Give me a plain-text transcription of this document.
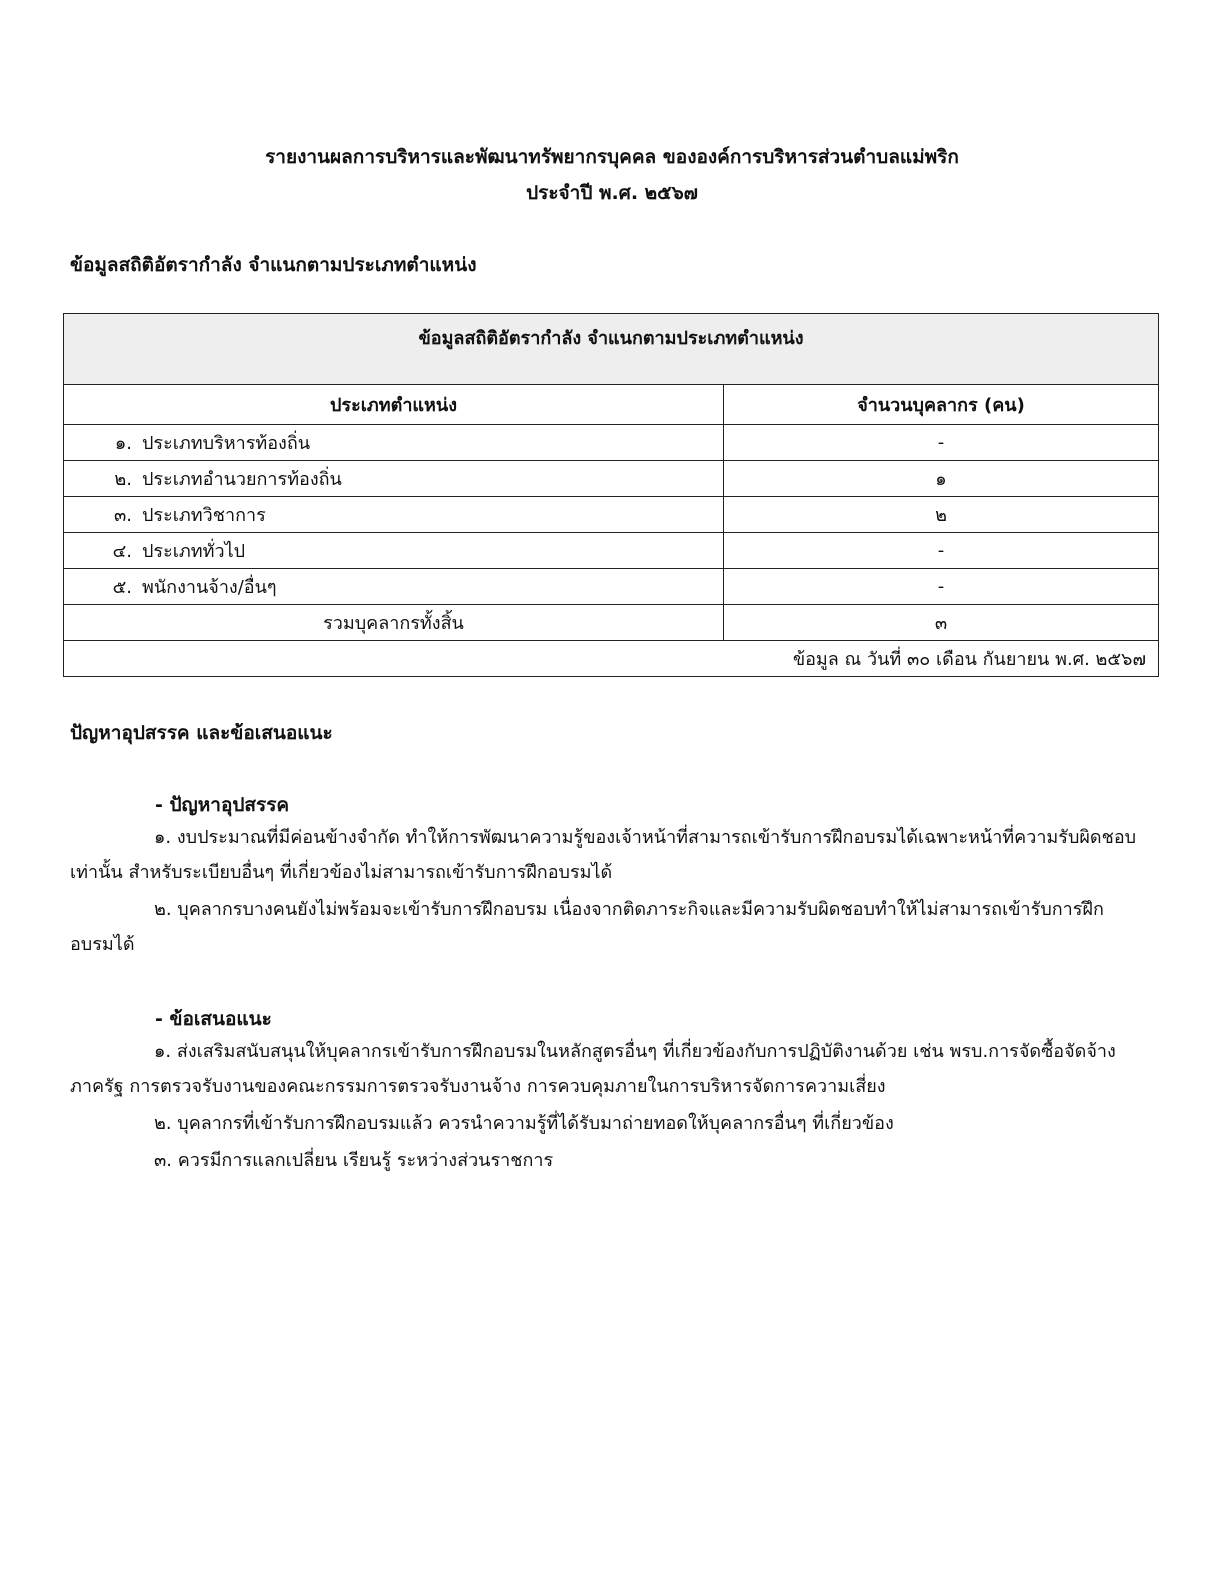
รายงานผลการบริหารและพัฒนาทรัพยากรบุคคล ขององค์การบริหารส่วนตำบลแม่พริก
ประจำปี พ.ศ. ๒๕๖๗
ข้อมูลสถิติอัตรากำลัง จำแนกตามประเภทตำแหน่ง
ข้อมูลสถิติอัตรากำลัง จำแนกตามประเภทตำแหน่ง	
ประเภทตำแหน่ง	จำนวนบุคลากร (คน)
๑. ประเภทบริหารท้องถิ่น	-
๒. ประเภทอำนวยการท้องถิ่น	๑
๓. ประเภทวิชาการ	๒
๔. ประเภททั่วไป	-
๕. พนักงานจ้าง/อื่นๆ	-
รวมบุคลากรทั้งสิ้น	๓
ข้อมูล ณ วันที่ ๓๐ เดือน กันยายน พ.ศ. ๒๕๖๗	
ปัญหาอุปสรรค และข้อเสนอแนะ
- ปัญหาอุปสรรค
๑. งบประมาณที่มีค่อนข้างจำกัด ทำให้การพัฒนาความรู้ของเจ้าหน้าที่สามารถเข้ารับการฝึกอบรมได้เฉพาะหน้าที่ความรับผิดชอบเท่านั้น สำหรับระเบียบอื่นๆ ที่เกี่ยวข้องไม่สามารถเข้ารับการฝึกอบรมได้
๒. บุคลากรบางคนยังไม่พร้อมจะเข้ารับการฝึกอบรม เนื่องจากติดภาระกิจและมีความรับผิดชอบทำให้ไม่สามารถเข้ารับการฝึกอบรมได้
- ข้อเสนอแนะ
๑. ส่งเสริมสนับสนุนให้บุคลากรเข้ารับการฝึกอบรมในหลักสูตรอื่นๆ ที่เกี่ยวข้องกับการปฏิบัติงานด้วย เช่น พรบ.การจัดซื้อจัดจ้างภาครัฐ การตรวจรับงานของคณะกรรมการตรวจรับงานจ้าง การควบคุมภายในการบริหารจัดการความเสี่ยง
๒. บุคลากรที่เข้ารับการฝึกอบรมแล้ว ควรนำความรู้ที่ได้รับมาถ่ายทอดให้บุคลากรอื่นๆ ที่เกี่ยวข้อง
๓. ควรมีการแลกเปลี่ยน เรียนรู้ ระหว่างส่วนราชการ
